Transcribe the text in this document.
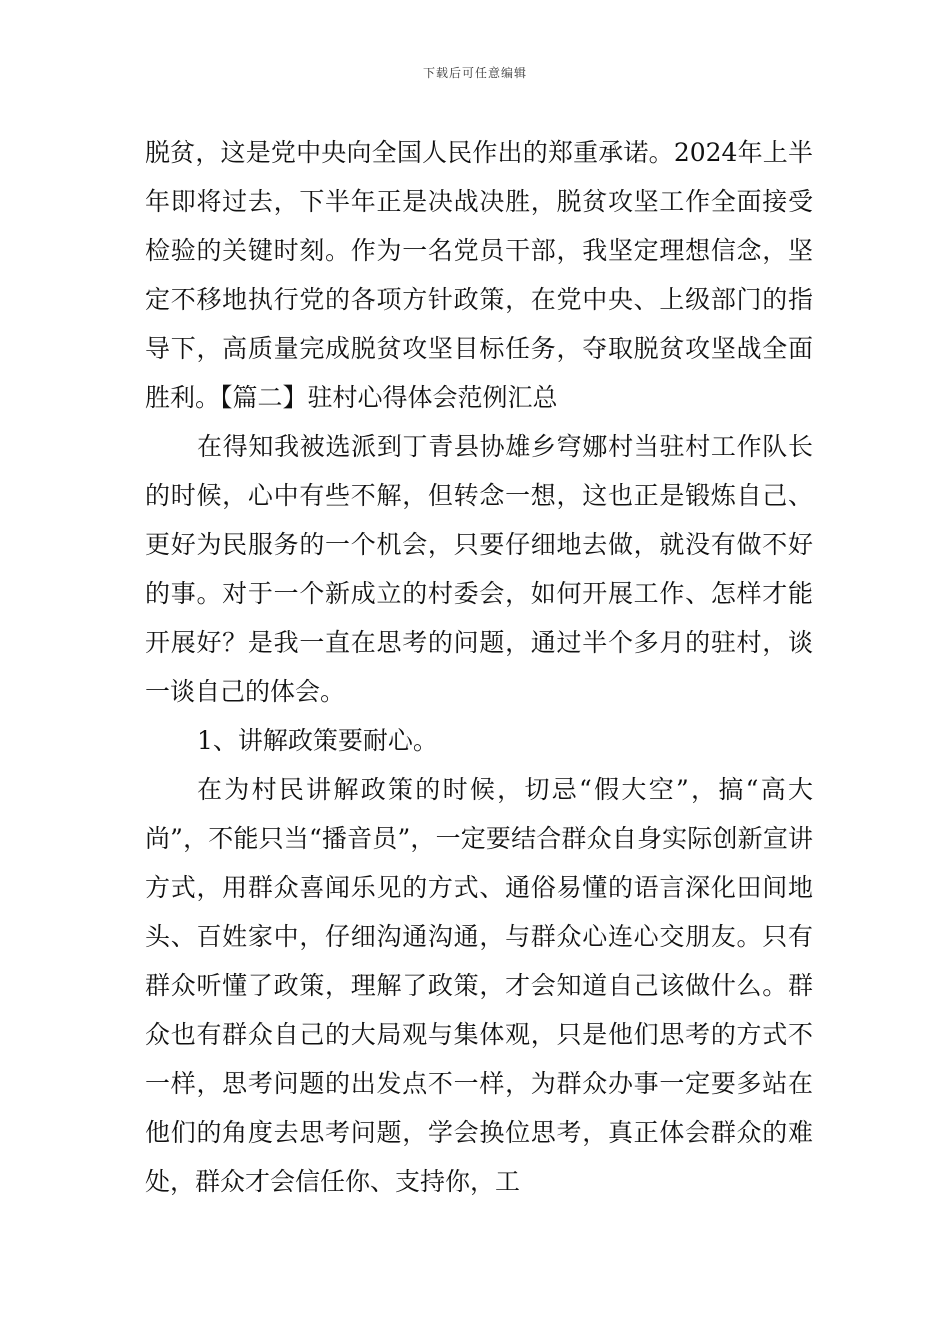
下载后可任意编辑

脱贫，这是党中央向全国人民作出的郑重承诺。2024年上半年即将过去，下半年正是决战决胜，脱贫攻坚工作全面接受检验的关键时刻。作为一名党员干部，我坚定理想信念，坚定不移地执行党的各项方针政策，在党中央、上级部门的指导下，高质量完成脱贫攻坚目标任务，夺取脱贫攻坚战全面胜利。【篇二】驻村心得体会范例汇总

在得知我被选派到丁青县协雄乡穹娜村当驻村工作队长的时候，心中有些不解，但转念一想，这也正是锻炼自己、更好为民服务的一个机会，只要仔细地去做，就没有做不好的事。对于一个新成立的村委会，如何开展工作、怎样才能开展好？是我一直在思考的问题，通过半个多月的驻村，谈一谈自己的体会。

1、讲解政策要耐心。

在为村民讲解政策的时候，切忌“假大空”，搞“高大尚”，不能只当“播音员”，一定要结合群众自身实际创新宣讲方式，用群众喜闻乐见的方式、通俗易懂的语言深化田间地头、百姓家中，仔细沟通沟通，与群众心连心交朋友。只有群众听懂了政策，理解了政策，才会知道自己该做什么。群众也有群众自己的大局观与集体观，只是他们思考的方式不一样，思考问题的出发点不一样，为群众办事一定要多站在他们的角度去思考问题，学会换位思考，真正体会群众的难处，群众才会信任你、支持你，工
